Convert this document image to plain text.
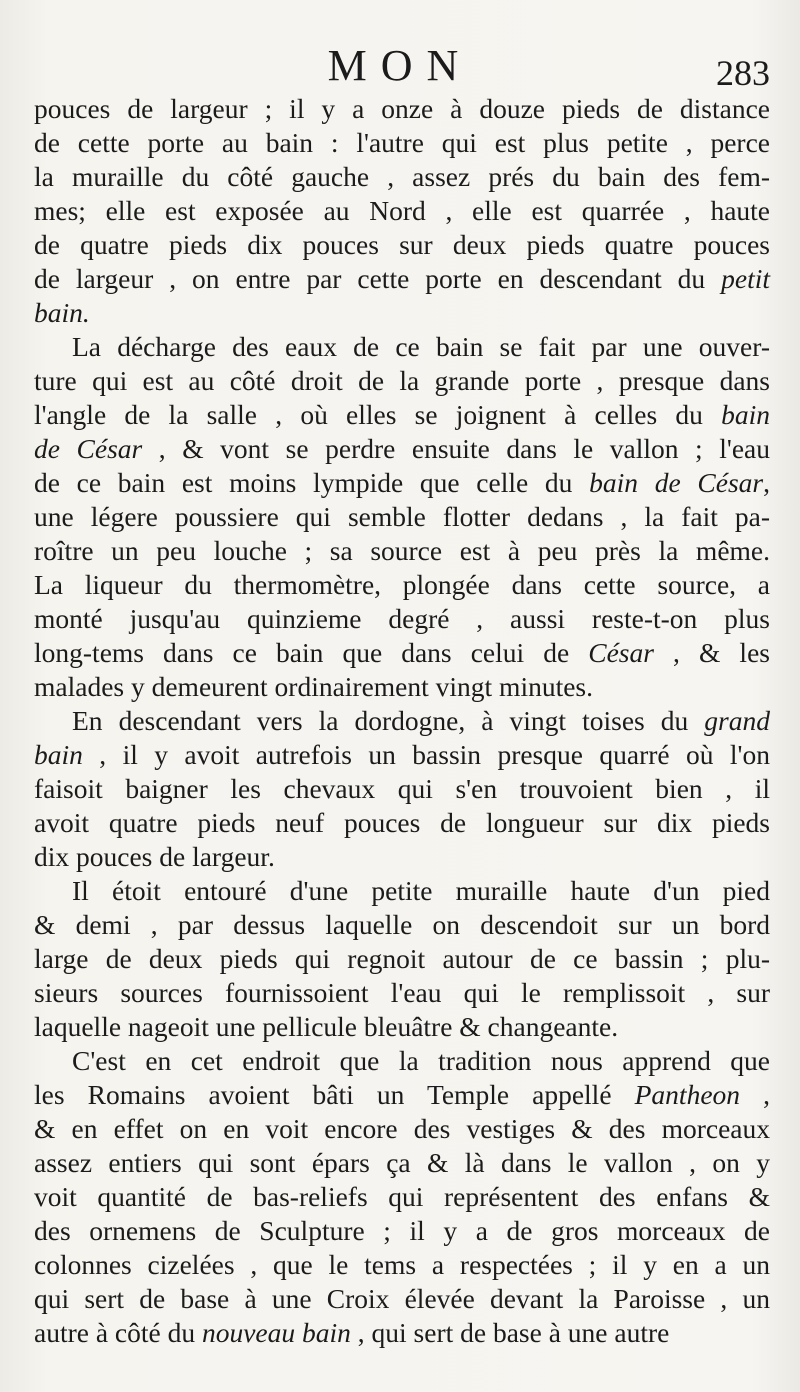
MON	283

pouces de largeur ; il y a onze à douze pieds de distance
de cette porte au bain : l'autre qui est plus petite , perce
la muraille du côté gauche , assez prés du bain des fem-
mes; elle est exposée au Nord , elle est quarrée , haute
de quatre pieds dix pouces sur deux pieds quatre pouces
de largeur , on entre par cette porte en descendant du petit
bain.

La décharge des eaux de ce bain se fait par une ouver-
ture qui est au côté droit de la grande porte , presque dans
l'angle de la salle , où elles se joignent à celles du bain
de César , & vont se perdre ensuite dans le vallon ; l'eau
de ce bain est moins lympide que celle du bain de César,
une légere poussiere qui semble flotter dedans , la fait pa-
roître un peu louche ; sa source est à peu près la même.
La liqueur du thermomètre, plongée dans cette source, a
monté jusqu'au quinzieme degré , aussi reste-t-on plus
long-tems dans ce bain que dans celui de César , & les
malades y demeurent ordinairement vingt minutes.

En descendant vers la dordogne, à vingt toises du grand
bain , il y avoit autrefois un bassin presque quarré où l'on
faisoit baigner les chevaux qui s'en trouvoient bien , il
avoit quatre pieds neuf pouces de longueur sur dix pieds
dix pouces de largeur.

Il étoit entouré d'une petite muraille haute d'un pied
& demi , par dessus laquelle on descendoit sur un bord
large de deux pieds qui regnoit autour de ce bassin ; plu-
sieurs sources fournissoient l'eau qui le remplissoit , sur
laquelle nageoit une pellicule bleuâtre & changeante.

C'est en cet endroit que la tradition nous apprend que
les Romains avoient bâti un Temple appellé Pantheon ,
& en effet on en voit encore des vestiges & des morceaux
assez entiers qui sont épars ça & là dans le vallon , on y
voit quantité de bas-reliefs qui représentent des enfans &
des ornemens de Sculpture ; il y a de gros morceaux de
colonnes cizelées , que le tems a respectées ; il y en a un
qui sert de base à une Croix élevée devant la Paroisse , un
autre à côté du nouveau bain , qui sert de base à une autre
